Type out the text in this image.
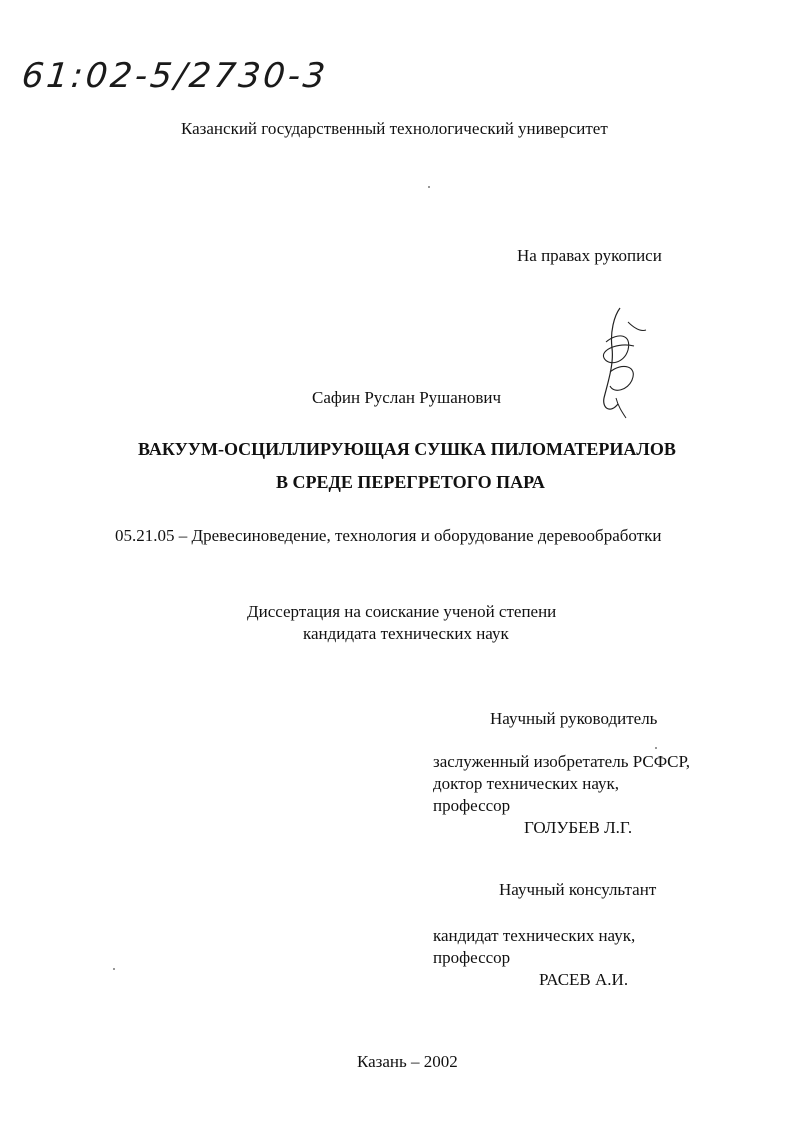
61:02-5/2730-3
Казанский государственный технологический университет
На правах рукописи
Сафин Руслан Рушанович
ВАКУУМ-ОСЦИЛЛИРУЮЩАЯ СУШКА ПИЛОМАТЕРИАЛОВ
В СРЕДЕ ПЕРЕГРЕТОГО ПАРА
05.21.05 – Древесиноведение, технология и оборудование деревообработки
Диссертация на соискание ученой степени
кандидата технических наук
Научный руководитель
заслуженный изобретатель РСФСР,
доктор технических наук,
профессор
ГОЛУБЕВ Л.Г.
Научный консультант
кандидат технических наук,
профессор
РАСЕВ А.И.
Казань – 2002
